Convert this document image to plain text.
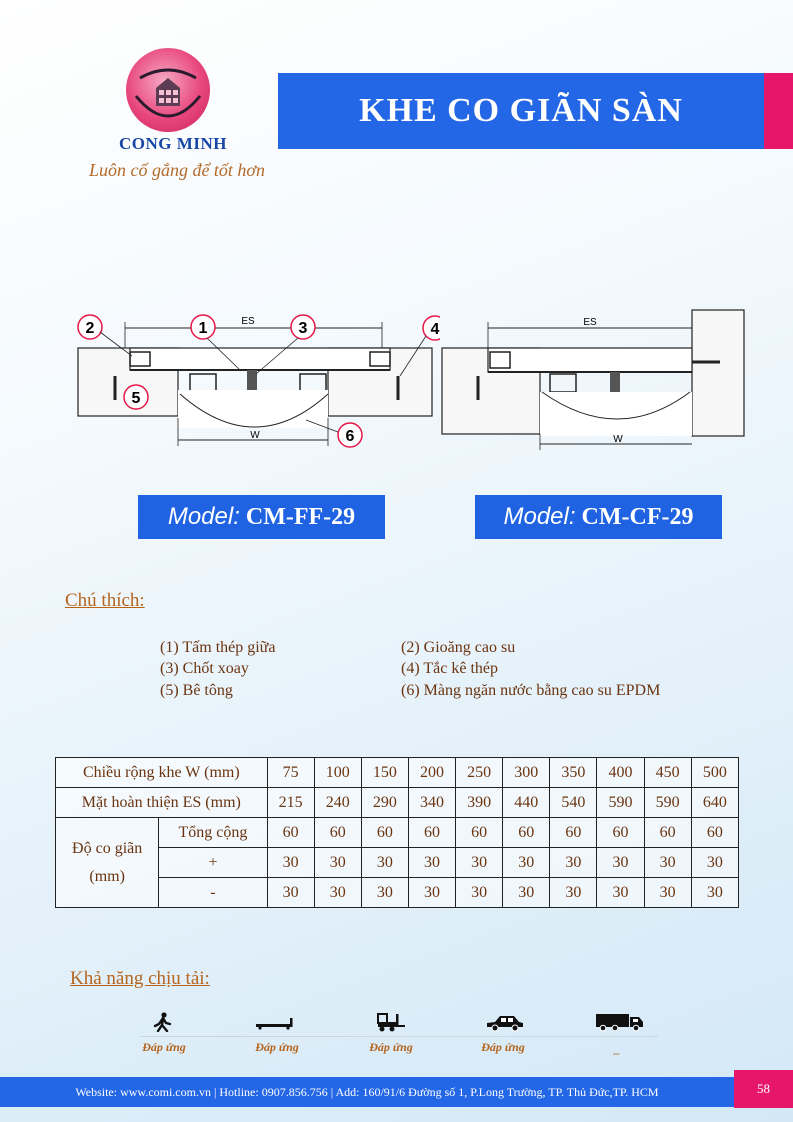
CONG MINH
Luôn cố gắng để tốt hơn
KHE CO GIÃN SÀN
ES
W
2	1	3	4
5
6
ES
W
Model: CM-FF-29	Model: CM-CF-29
Chú thích:
(1) Tấm thép giữa	(2) Gioăng cao su
(3) Chốt xoay	(4) Tắc kê thép
(5) Bê tông	(6) Màng ngăn nước bằng cao su EPDM
Chiều rộng khe W (mm)		75	100	150	200	250	300	350	400	450	500
Mặt hoàn thiện ES (mm)		215	240	290	340	390	440	540	590	590	640
Độ co giãn
(mm)	Tổng cộng	60	60	60	60	60	60	60	60	60	60
	+	30	30	30	30	30	30	30	30	30	30
	-	30	30	30	30	30	30	30	30	30	30
Khả năng chịu tải:
Đáp ứng	Đáp ứng	Đáp ứng	Đáp ứng	_
Website: www.comi.com.vn | Hotline: 0907.856.756 | Add: 160/91/6 Đường số 1, P.Long Trường, TP. Thủ Đức,TP. HCM	58
